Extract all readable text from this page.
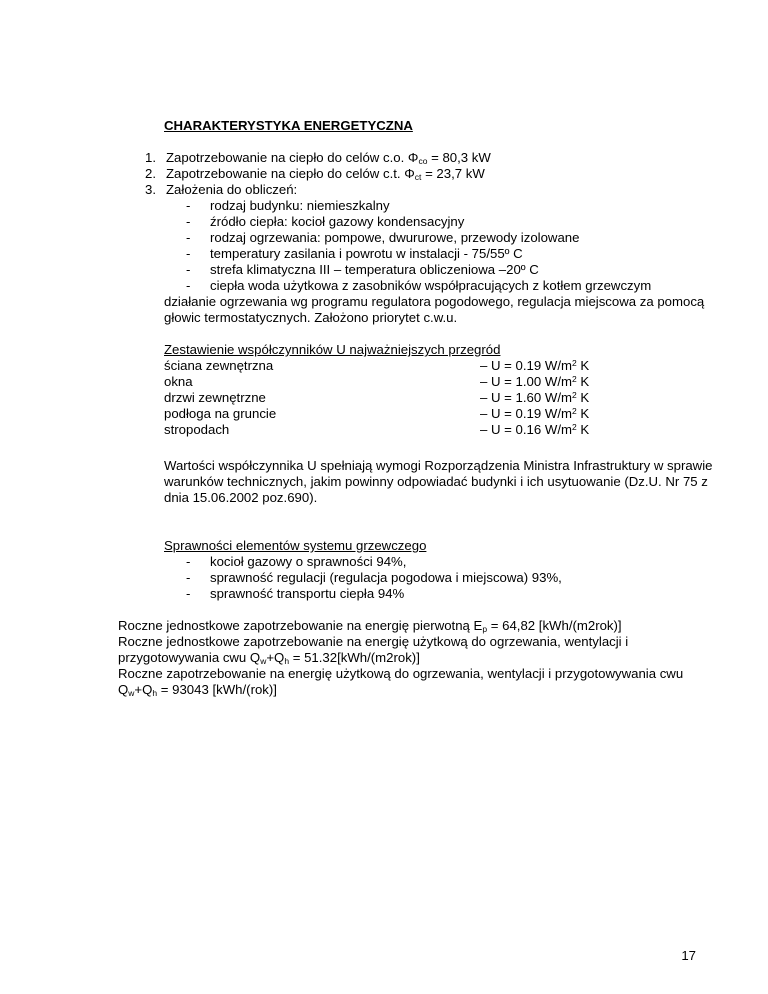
CHARAKTERYSTYKA ENERGETYCZNA
1. Zapotrzebowanie na ciepło do celów c.o. $\Phi_{co} = 80,3$ kW
2. Zapotrzebowanie na ciepło do celów c.t. $\Phi_{ct} = 23,7$ kW
3. Założenia do obliczeń:
-	rodzaj budynku: niemieszkalny
-	źródło ciepła: kocioł gazowy kondensacyjny
-	rodzaj ogrzewania: pompowe, dwururowe, przewody izolowane
-	temperatury zasilania i powrotu w instalacji - 75/55º C
-	strefa klimatyczna III – temperatura obliczeniowa –20º C
-	ciepła woda użytkowa z zasobników współpracujących z kotłem grzewczym
działanie ogrzewania wg programu regulatora pogodowego, regulacja miejscowa za pomocą
głowic termostatycznych. Założono priorytet c.w.u.
Zestawienie współczynników U najważniejszych przegród
ściana zewnętrzna	– U = 0.19 $W/m^2$ K
okna	– U = 1.00 $W/m^2$ K
drzwi zewnętrzne	– U = 1.60 $W/m^2$ K
podłoga na gruncie	– U = 0.19 $W/m^2$ K
stropodach	– U = 0.16 $W/m^2$ K
Wartości współczynnika U spełniają wymogi Rozporządzenia Ministra Infrastruktury w sprawie
warunków technicznych, jakim powinny odpowiadać budynki i ich usytuowanie (Dz.U. Nr 75 z
dnia 15.06.2002 poz.690).
Sprawności elementów systemu grzewczego
-	kocioł gazowy o sprawności 94%,
-	sprawność regulacji (regulacja pogodowa i miejscowa) 93%,
-	sprawność transportu ciepła 94%
Roczne jednostkowe zapotrzebowanie na energię pierwotną $E_p = 64,82$ [kWh/(m2rok)]
Roczne jednostkowe zapotrzebowanie na energię użytkową do ogrzewania, wentylacji i
przygotowywania cwu $Q_w+Q_h = 51.32[kWh/(m2rok)]$
Roczne zapotrzebowanie na energię użytkową do ogrzewania, wentylacji i przygotowywania cwu
$Q_w+Q_h = 93043$ [kWh/(rok)]
17
